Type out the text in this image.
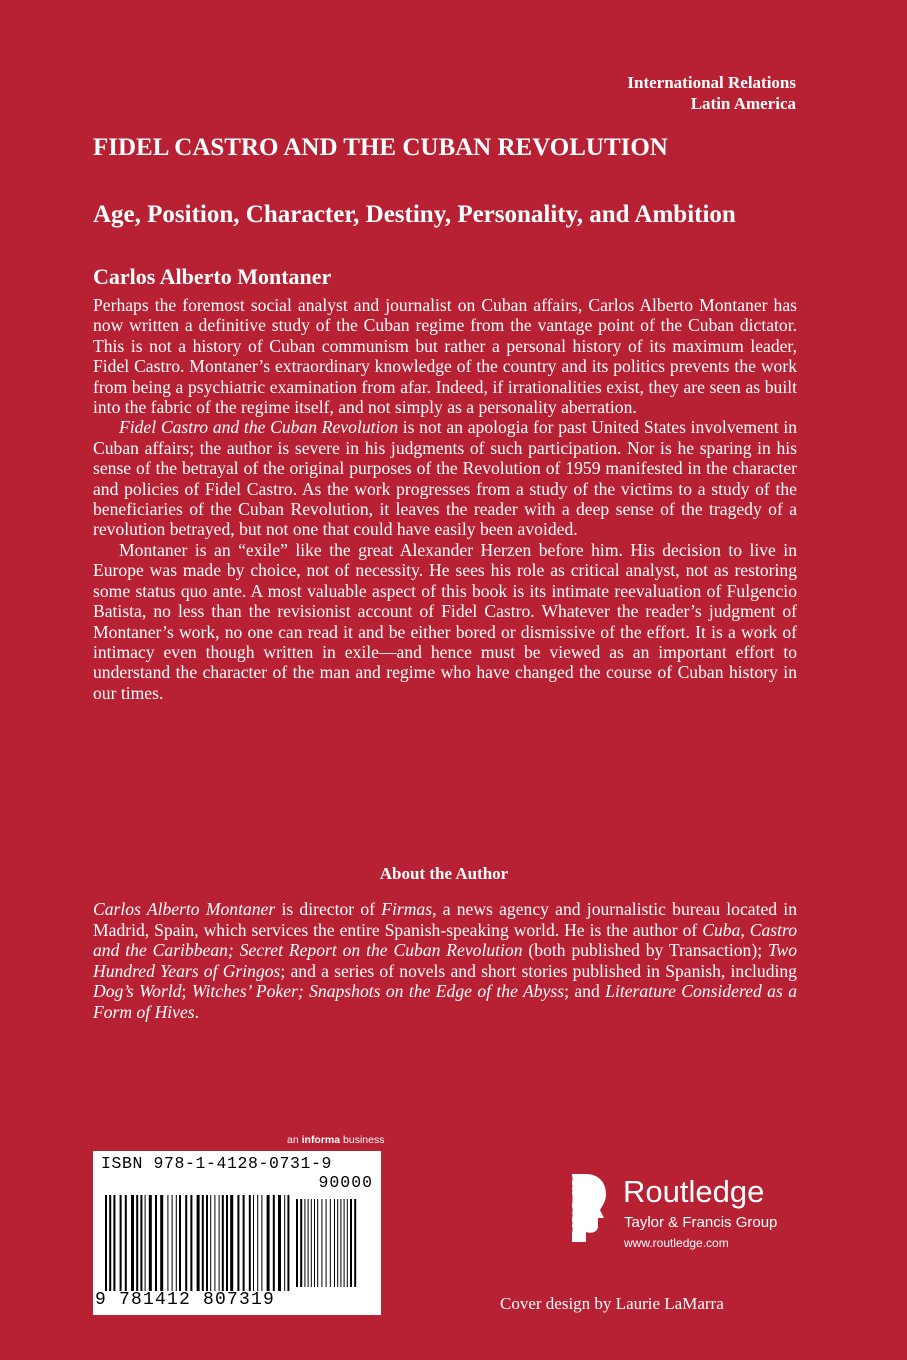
International Relations
Latin America
FIDEL CASTRO AND THE CUBAN REVOLUTION
Age, Position, Character, Destiny, Personality, and Ambition
Carlos Alberto Montaner

Perhaps the foremost social analyst and journalist on Cuban affairs, Carlos Alberto Montaner has now written a definitive study of the Cuban regime from the vantage point of the Cuban dictator. This is not a history of Cuban communism but rather a personal history of its maximum leader, Fidel Castro. Montaner’s extraordinary knowledge of the country and its politics prevents the work from being a psychiatric examination from afar. Indeed, if irrationalities exist, they are seen as built into the fabric of the regime itself, and not simply as a personality aberration.

Fidel Castro and the Cuban Revolution is not an apologia for past United States involvement in Cuban affairs; the author is severe in his judgments of such participation. Nor is he sparing in his sense of the betrayal of the original purposes of the Revolution of 1959 manifested in the character and policies of Fidel Castro. As the work progresses from a study of the victims to a study of the beneficiaries of the Cuban Revolution, it leaves the reader with a deep sense of the tragedy of a revolution betrayed, but not one that could have easily been avoided.

Montaner is an “exile” like the great Alexander Herzen before him. His decision to live in Europe was made by choice, not of necessity. He sees his role as critical analyst, not as restoring some status quo ante. A most valuable aspect of this book is its intimate reevaluation of Fulgencio Batista, no less than the revisionist account of Fidel Castro. Whatever the reader’s judgment of Montaner’s work, no one can read it and be either bored or dismissive of the effort. It is a work of intimacy even though written in exile—and hence must be viewed as an important effort to understand the character of the man and regime who have changed the course of Cuban history in our times.

About the Author

Carlos Alberto Montaner is director of Firmas, a news agency and journalistic bureau located in Madrid, Spain, which services the entire Spanish-speaking world. He is the author of Cuba, Castro and the Caribbean; Secret Report on the Cuban Revolution (both published by Transaction); Two Hundred Years of Gringos; and a series of novels and short stories published in Spanish, including Dog’s World; Witches’ Poker; Snapshots on the Edge of the Abyss; and Literature Considered as a Form of Hives.

an informa business
ISBN 978-1-4128-0731-9
90000
9 781412 807319
ROUTLEDGE Routledge
Taylor & Francis Group
www.routledge.com
Cover design by Laurie LaMarra
